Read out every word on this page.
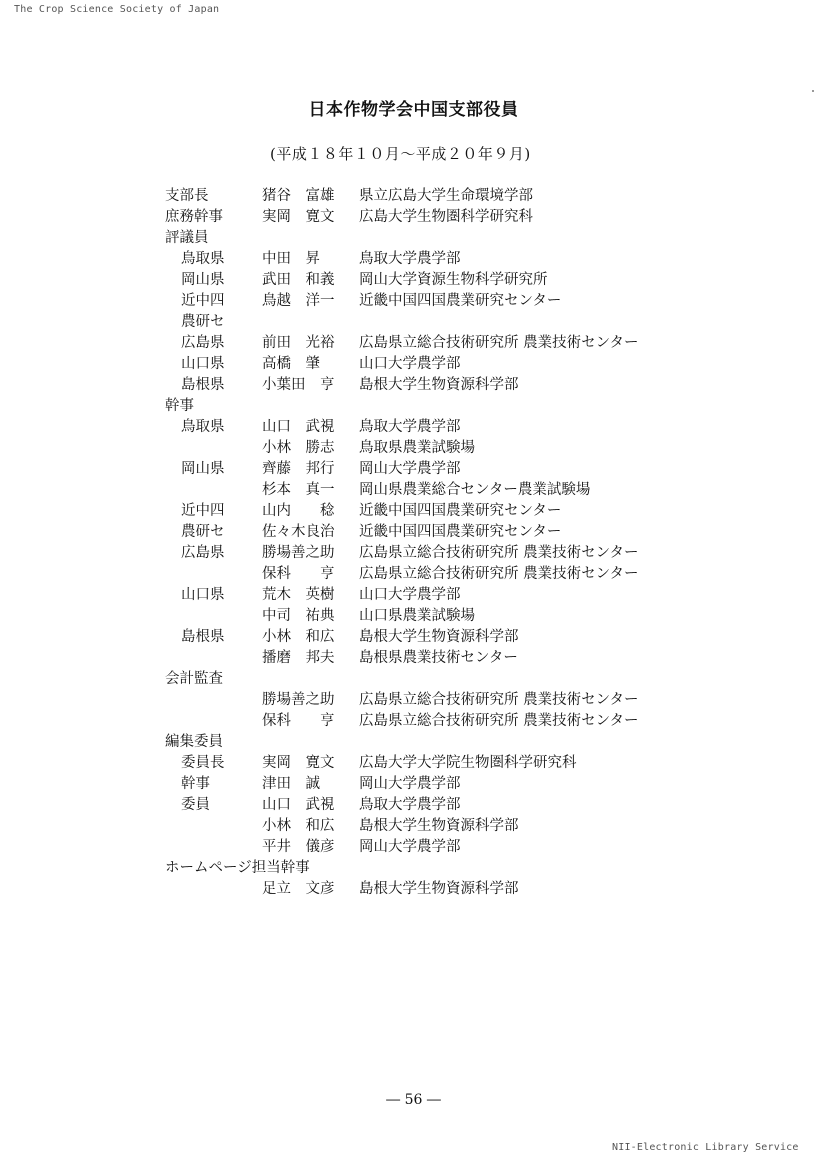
The Crop Science Society of Japan
日本作物学会中国支部役員
(平成１８年１０月～平成２０年９月)
支部長	猪谷　富雄 県立広島大学生命環境学部
庶務幹事	実岡　寛文 広島大学生物圏科学研究科
評議員
鳥取県	中田　昇	鳥取大学農学部
岡山県	武田　和義 岡山大学資源生物科学研究所
近中四	鳥越　洋一 近畿中国四国農業研究センター
農研セ
広島県	前田　光裕 広島県立総合技術研究所 農業技術センター
山口県	高橋　肇	山口大学農学部
島根県	小葉田　亨 島根大学生物資源科学部
幹事
鳥取県	山口　武視 鳥取大学農学部
小林　勝志 鳥取県農業試験場
岡山県	齊藤　邦行 岡山大学農学部
杉本　真一 岡山県農業総合センター農業試験場
近中四	山内　　稔 近畿中国四国農業研究センター
農研セ	佐々木良治 近畿中国四国農業研究センター
広島県	勝場善之助 広島県立総合技術研究所 農業技術センター
保科　　亨 広島県立総合技術研究所 農業技術センター
山口県	荒木　英樹 山口大学農学部
中司　祐典 山口県農業試験場
島根県	小林　和広 島根大学生物資源科学部
播磨　邦夫 島根県農業技術センター
会計監査
勝場善之助 広島県立総合技術研究所 農業技術センター
保科　　亨 広島県立総合技術研究所 農業技術センター
編集委員
委員長	実岡　寛文 広島大学大学院生物圏科学研究科
幹事	津田　誠	岡山大学農学部
委員	山口　武視 鳥取大学農学部
小林　和広 島根大学生物資源科学部
平井　儀彦 岡山大学農学部
ホームページ担当幹事
足立　文彦 島根大学生物資源科学部
― 56 ―
NII-Electronic Library Service
